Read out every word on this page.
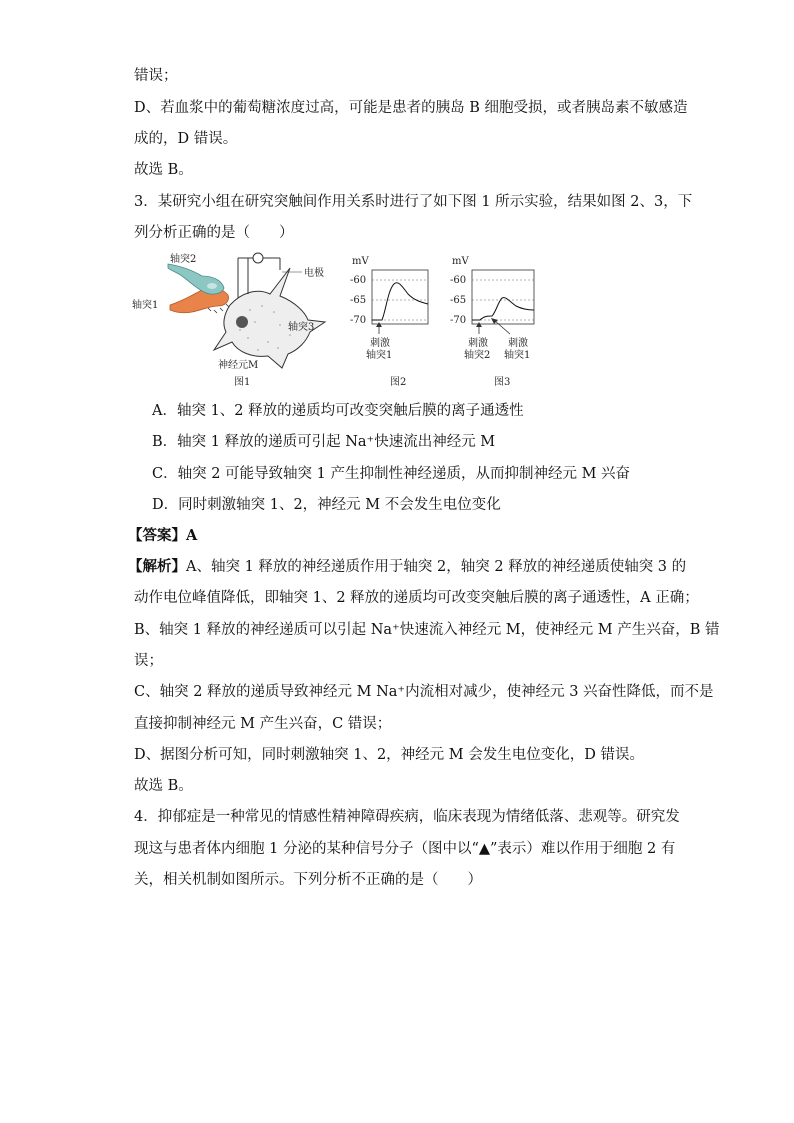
错误；
D、若血浆中的葡萄糖浓度过高，可能是患者的胰岛 B 细胞受损，或者胰岛素不敏感造
成的，D 错误。
故选 B。
3．某研究小组在研究突触间作用关系时进行了如下图 1 所示实验，结果如图 2、3，下
列分析正确的是（　　）
轴突2
轴突1
电极
轴突3
神经元M
图1
mV
-60
-65
-70
刺激
轴突1
图2
mV
-60
-65
-70
刺激
轴突2
刺激
轴突1
图3
A．轴突 1、2 释放的递质均可改变突触后膜的离子通透性
B．轴突 1 释放的递质可引起 Na⁺快速流出神经元 M
C．轴突 2 可能导致轴突 1 产生抑制性神经递质，从而抑制神经元 M 兴奋
D．同时刺激轴突 1、2，神经元 M 不会发生电位变化
【答案】A
【解析】A、轴突 1 释放的神经递质作用于轴突 2，轴突 2 释放的神经递质使轴突 3 的
动作电位峰值降低，即轴突 1、2 释放的递质均可改变突触后膜的离子通透性，A 正确；
B、轴突 1 释放的神经递质可以引起 Na⁺快速流入神经元 M，使神经元 M 产生兴奋，B 错
误；
C、轴突 2 释放的递质导致神经元 M Na⁺内流相对减少，使神经元 3 兴奋性降低，而不是
直接抑制神经元 M 产生兴奋，C 错误；
D、据图分析可知，同时刺激轴突 1、2，神经元 M 会发生电位变化，D 错误。
故选 B。
4．抑郁症是一种常见的情感性精神障碍疾病，临床表现为情绪低落、悲观等。研究发
现这与患者体内细胞 1 分泌的某种信号分子（图中以“▲”表示）难以作用于细胞 2 有
关，相关机制如图所示。下列分析不正确的是（　　）
